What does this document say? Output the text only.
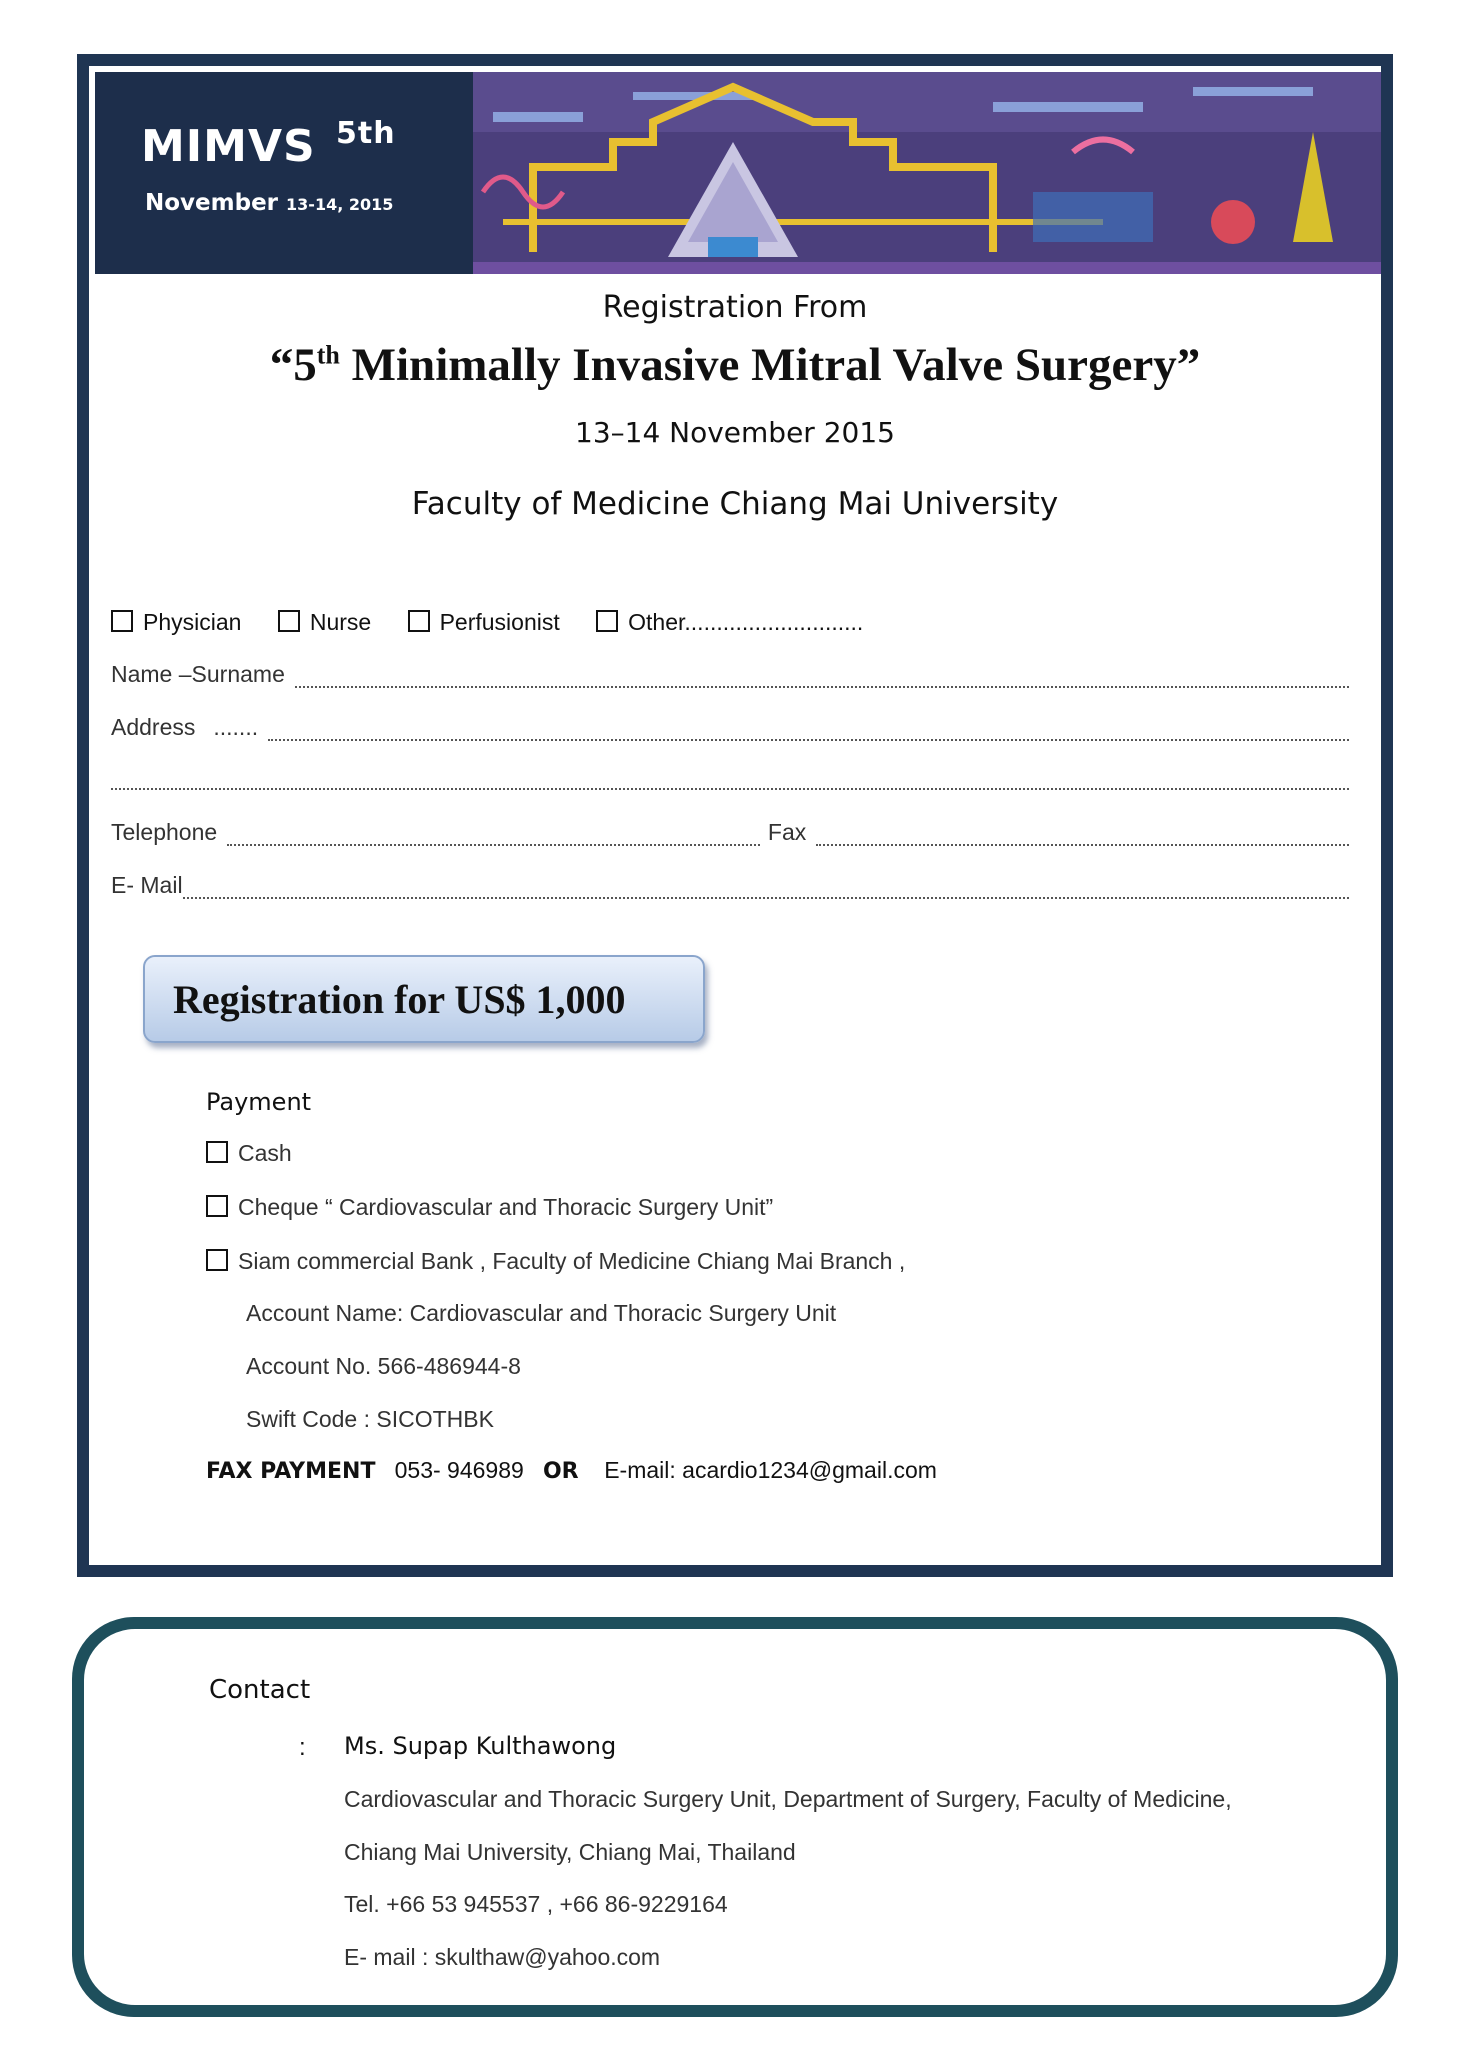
MIMVS $^{5th}$
November 13-14, 2015
Registration From
“5th Minimally Invasive Mitral Valve Surgery”
13–14 November 2015
Faculty of Medicine Chiang Mai University
Physician	Nurse	Perfusionist	Other............................
Name –Surname
Address .......
Telephone	Fax
E- Mail
Registration for US$ 1,000
Payment
Cash
Cheque “ Cardiovascular and Thoracic Surgery Unit”
Siam commercial Bank , Faculty of Medicine Chiang Mai Branch ,
Account Name: Cardiovascular and Thoracic Surgery Unit
Account No. 566-486944-8
Swift Code : SICOTHBK
FAX PAYMENT 053- 946989 OR E-mail: acardio1234@gmail.com
Contact
: Ms. Supap Kulthawong
Cardiovascular and Thoracic Surgery Unit, Department of Surgery, Faculty of Medicine,
Chiang Mai University, Chiang Mai, Thailand
Tel. +66 53 945537 , +66 86-9229164
E- mail : skulthaw@yahoo.com
